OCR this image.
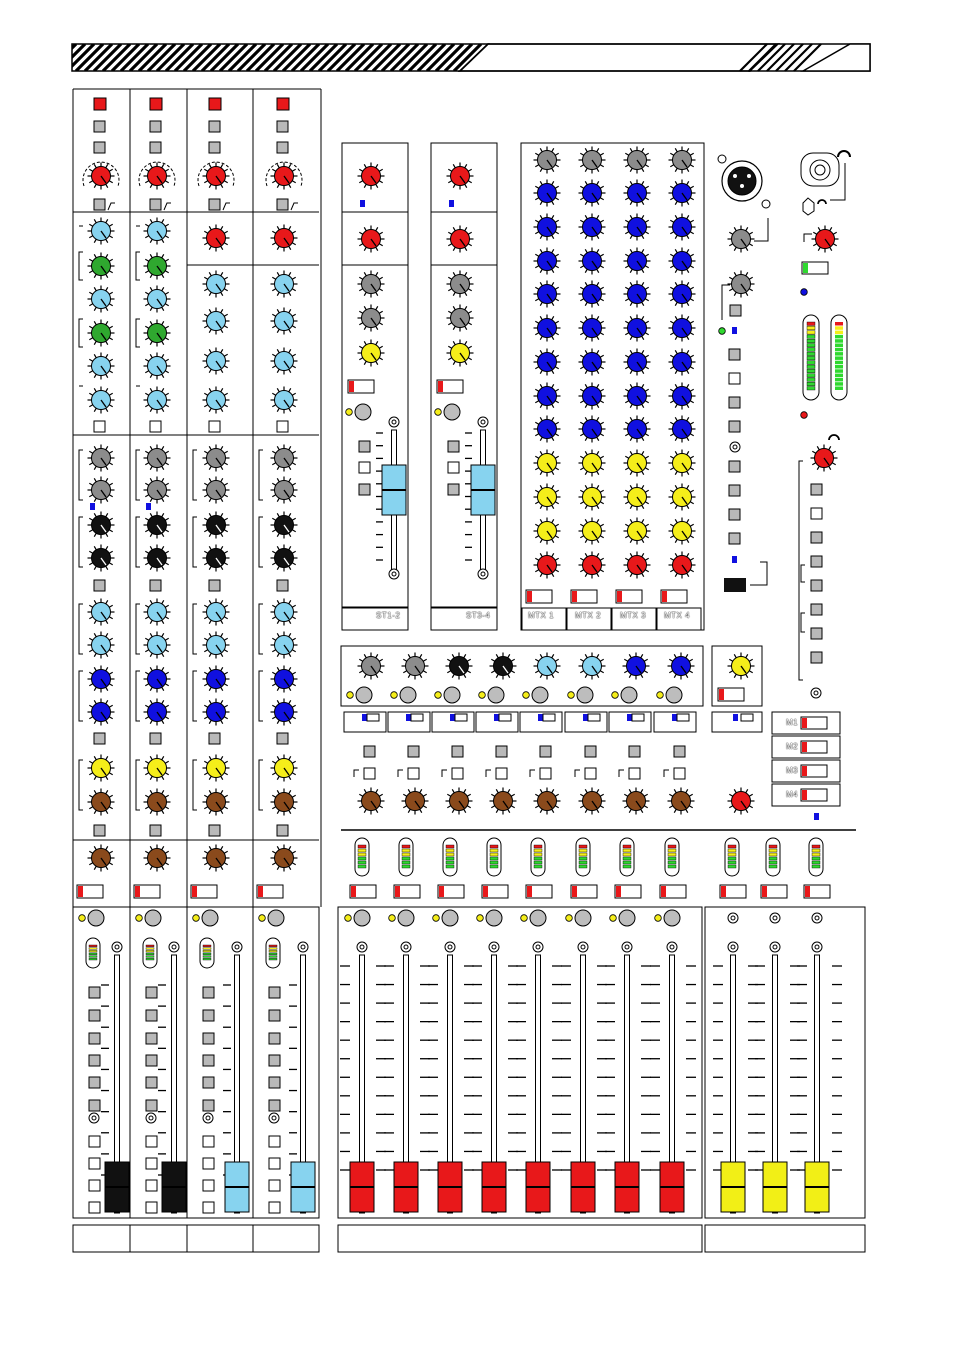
ST1-2	ST3-4	MTX 1	MTX 2 MTX 3 MTX 4
M1
M2
M3
M4
